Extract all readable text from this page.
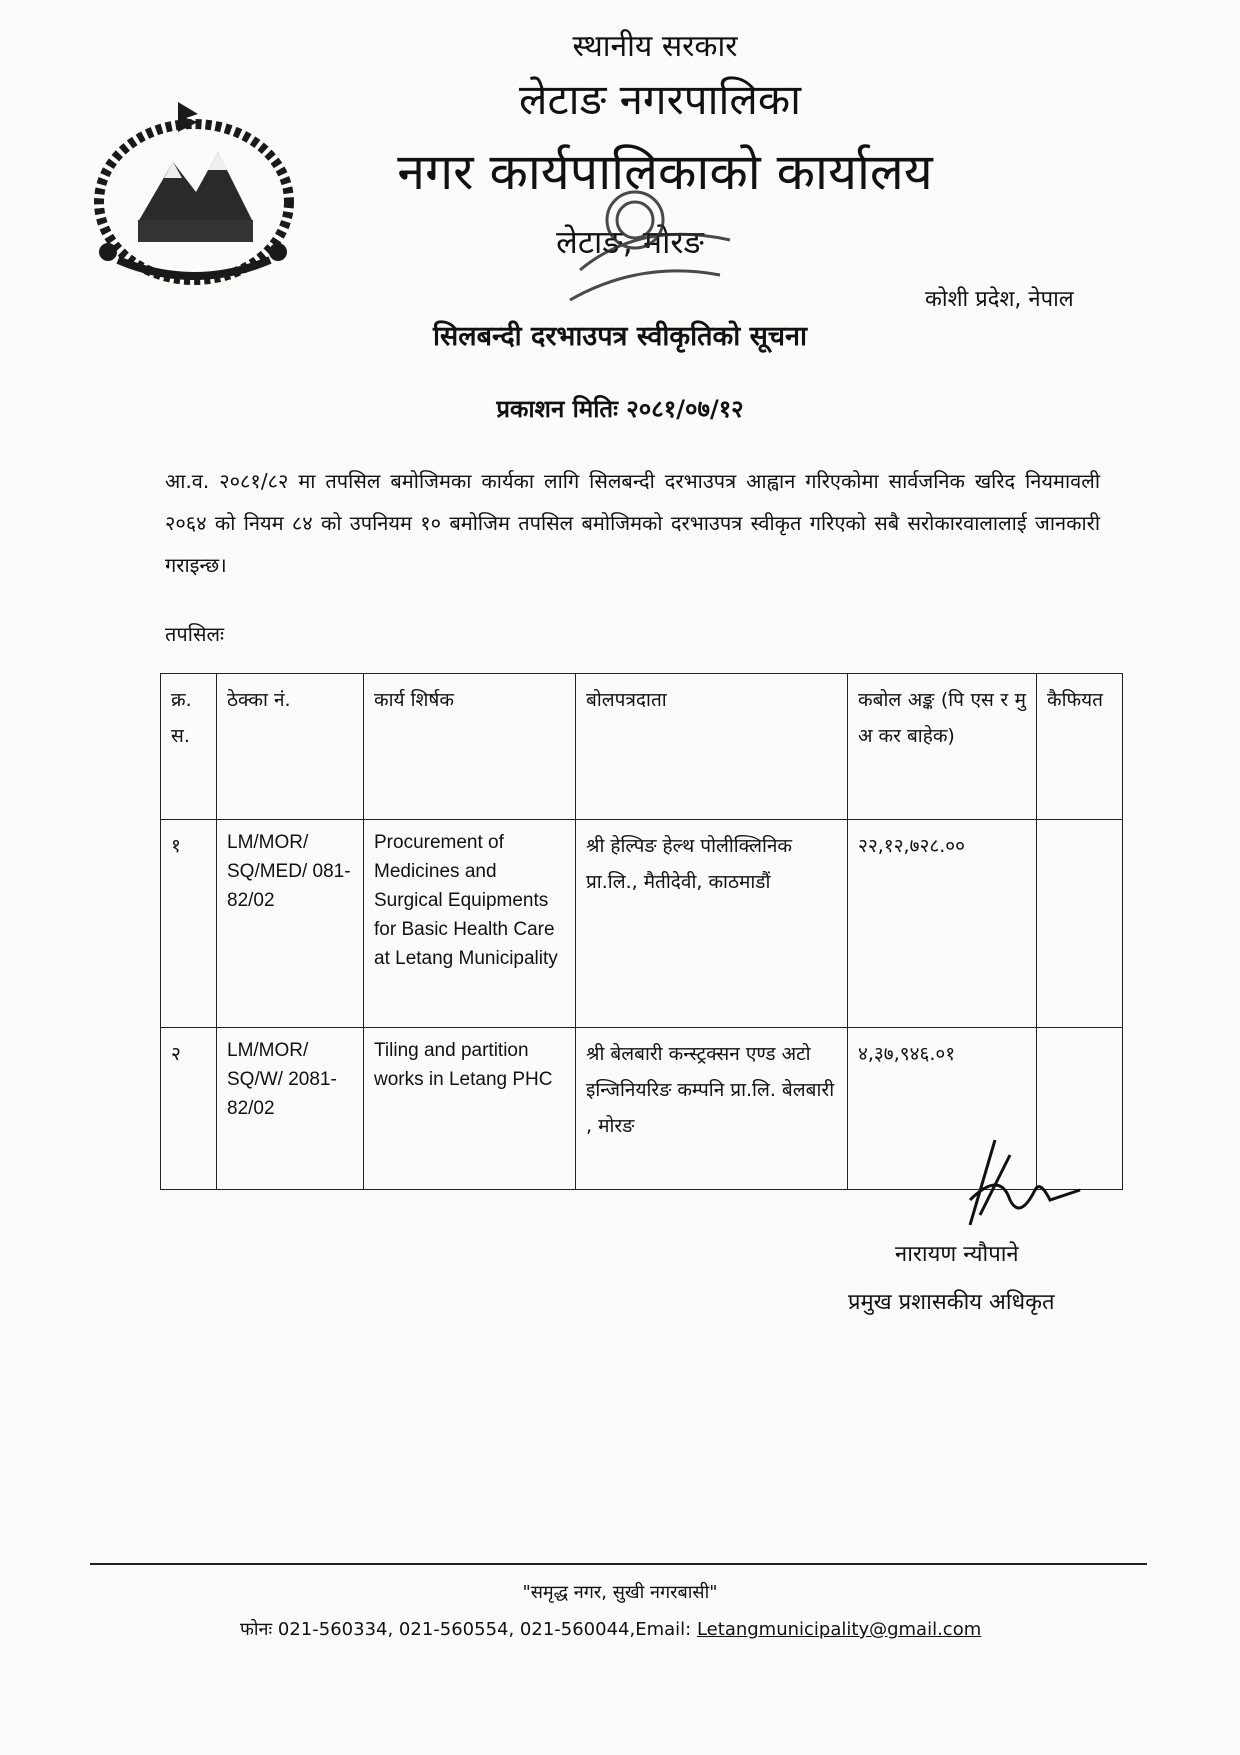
स्थानीय सरकार
लेटाङ नगरपालिका
नगर कार्यपालिकाको कार्यालय
लेटाङ, मोरङ
कोशी प्रदेश, नेपाल
सिलबन्दी दरभाउपत्र स्वीकृतिको सूचना
प्रकाशन मितिः २०८१/०७/१२
आ.व. २०८१/८२ मा तपसिल बमोजिमका कार्यका लागि सिलबन्दी दरभाउपत्र आह्वान गरिएकोमा सार्वजनिक खरिद नियमावली २०६४ को नियम ८४ को उपनियम १० बमोजिम तपसिल बमोजिमको दरभाउपत्र स्वीकृत गरिएको सबै सरोकारवालालाई जानकारी गराइन्छ।
तपसिलः
क्र. स.	ठेक्का नं.	कार्य शिर्षक	बोलपत्रदाता	कबोल अङ्क (पि एस र मु अ कर बाहेक)	कैफियत
१	LM/MOR/ SQ/MED/ 081-82/02	Procurement of Medicines and Surgical Equipments for Basic Health Care at Letang Municipality	श्री हेल्पिङ हेल्थ पोलीक्लिनिक प्रा.लि., मैतीदेवी, काठमाडौं	२२,१२,७२८.००	
२	LM/MOR/ SQ/W/ 2081-82/02	Tiling and partition works in Letang PHC	श्री बेलबारी कन्स्ट्रक्सन एण्ड अटो इन्जिनियरिङ कम्पनि प्रा.लि. बेलबारी , मोरङ	४,३७,९४६.०१	
नारायण न्यौपाने
प्रमुख प्रशासकीय अधिकृत
"समृद्ध नगर, सुखी नगरबासी"
फोनः 021-560334, 021-560554, 021-560044,Email: Letangmunicipality@gmail.com
